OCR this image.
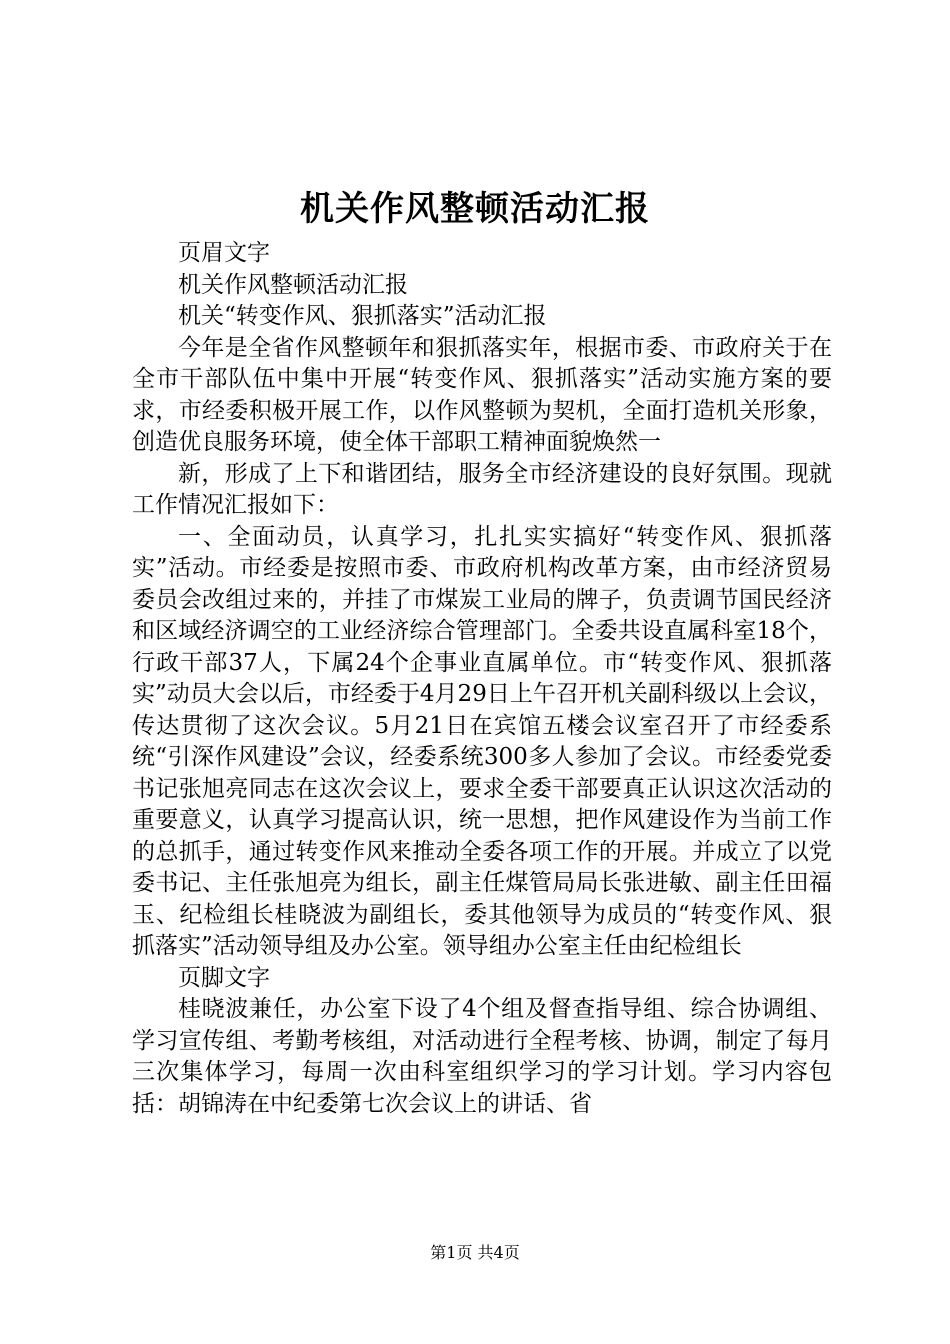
机关作风整顿活动汇报

页眉文字

机关作风整顿活动汇报

机关“转变作风、狠抓落实”活动汇报

今年是全省作风整顿年和狠抓落实年，根据市委、市政府关于在全市干部队伍中集中开展“转变作风、狠抓落实”活动实施方案的要求，市经委积极开展工作，以作风整顿为契机，全面打造机关形象，创造优良服务环境，使全体干部职工精神面貌焕然一

新，形成了上下和谐团结，服务全市经济建设的良好氛围。现就工作情况汇报如下：

一、全面动员，认真学习，扎扎实实搞好“转变作风、狠抓落实”活动。市经委是按照市委、市政府机构改革方案，由市经济贸易委员会改组过来的，并挂了市煤炭工业局的牌子，负责调节国民经济和区域经济调空的工业经济综合管理部门。全委共设直属科室18个，行政干部37人，下属24个企事业直属单位。市“转变作风、狠抓落实”动员大会以后，市经委于4月29日上午召开机关副科级以上会议，传达贯彻了这次会议。5月21日在宾馆五楼会议室召开了市经委系统“引深作风建设”会议，经委系统300多人参加了会议。市经委党委书记张旭亮同志在这次会议上，要求全委干部要真正认识这次活动的重要意义，认真学习提高认识，统一思想，把作风建设作为当前工作的总抓手，通过转变作风来推动全委各项工作的开展。并成立了以党委书记、主任张旭亮为组长，副主任煤管局局长张进敏、副主任田福玉、纪检组长桂晓波为副组长，委其他领导为成员的“转变作风、狠抓落实”活动领导组及办公室。领导组办公室主任由纪检组长

页脚文字

桂晓波兼任，办公室下设了4个组及督查指导组、综合协调组、学习宣传组、考勤考核组，对活动进行全程考核、协调，制定了每月三次集体学习，每周一次由科室组织学习的学习计划。学习内容包括：胡锦涛在中纪委第七次会议上的讲话、省

第1页 共4页
